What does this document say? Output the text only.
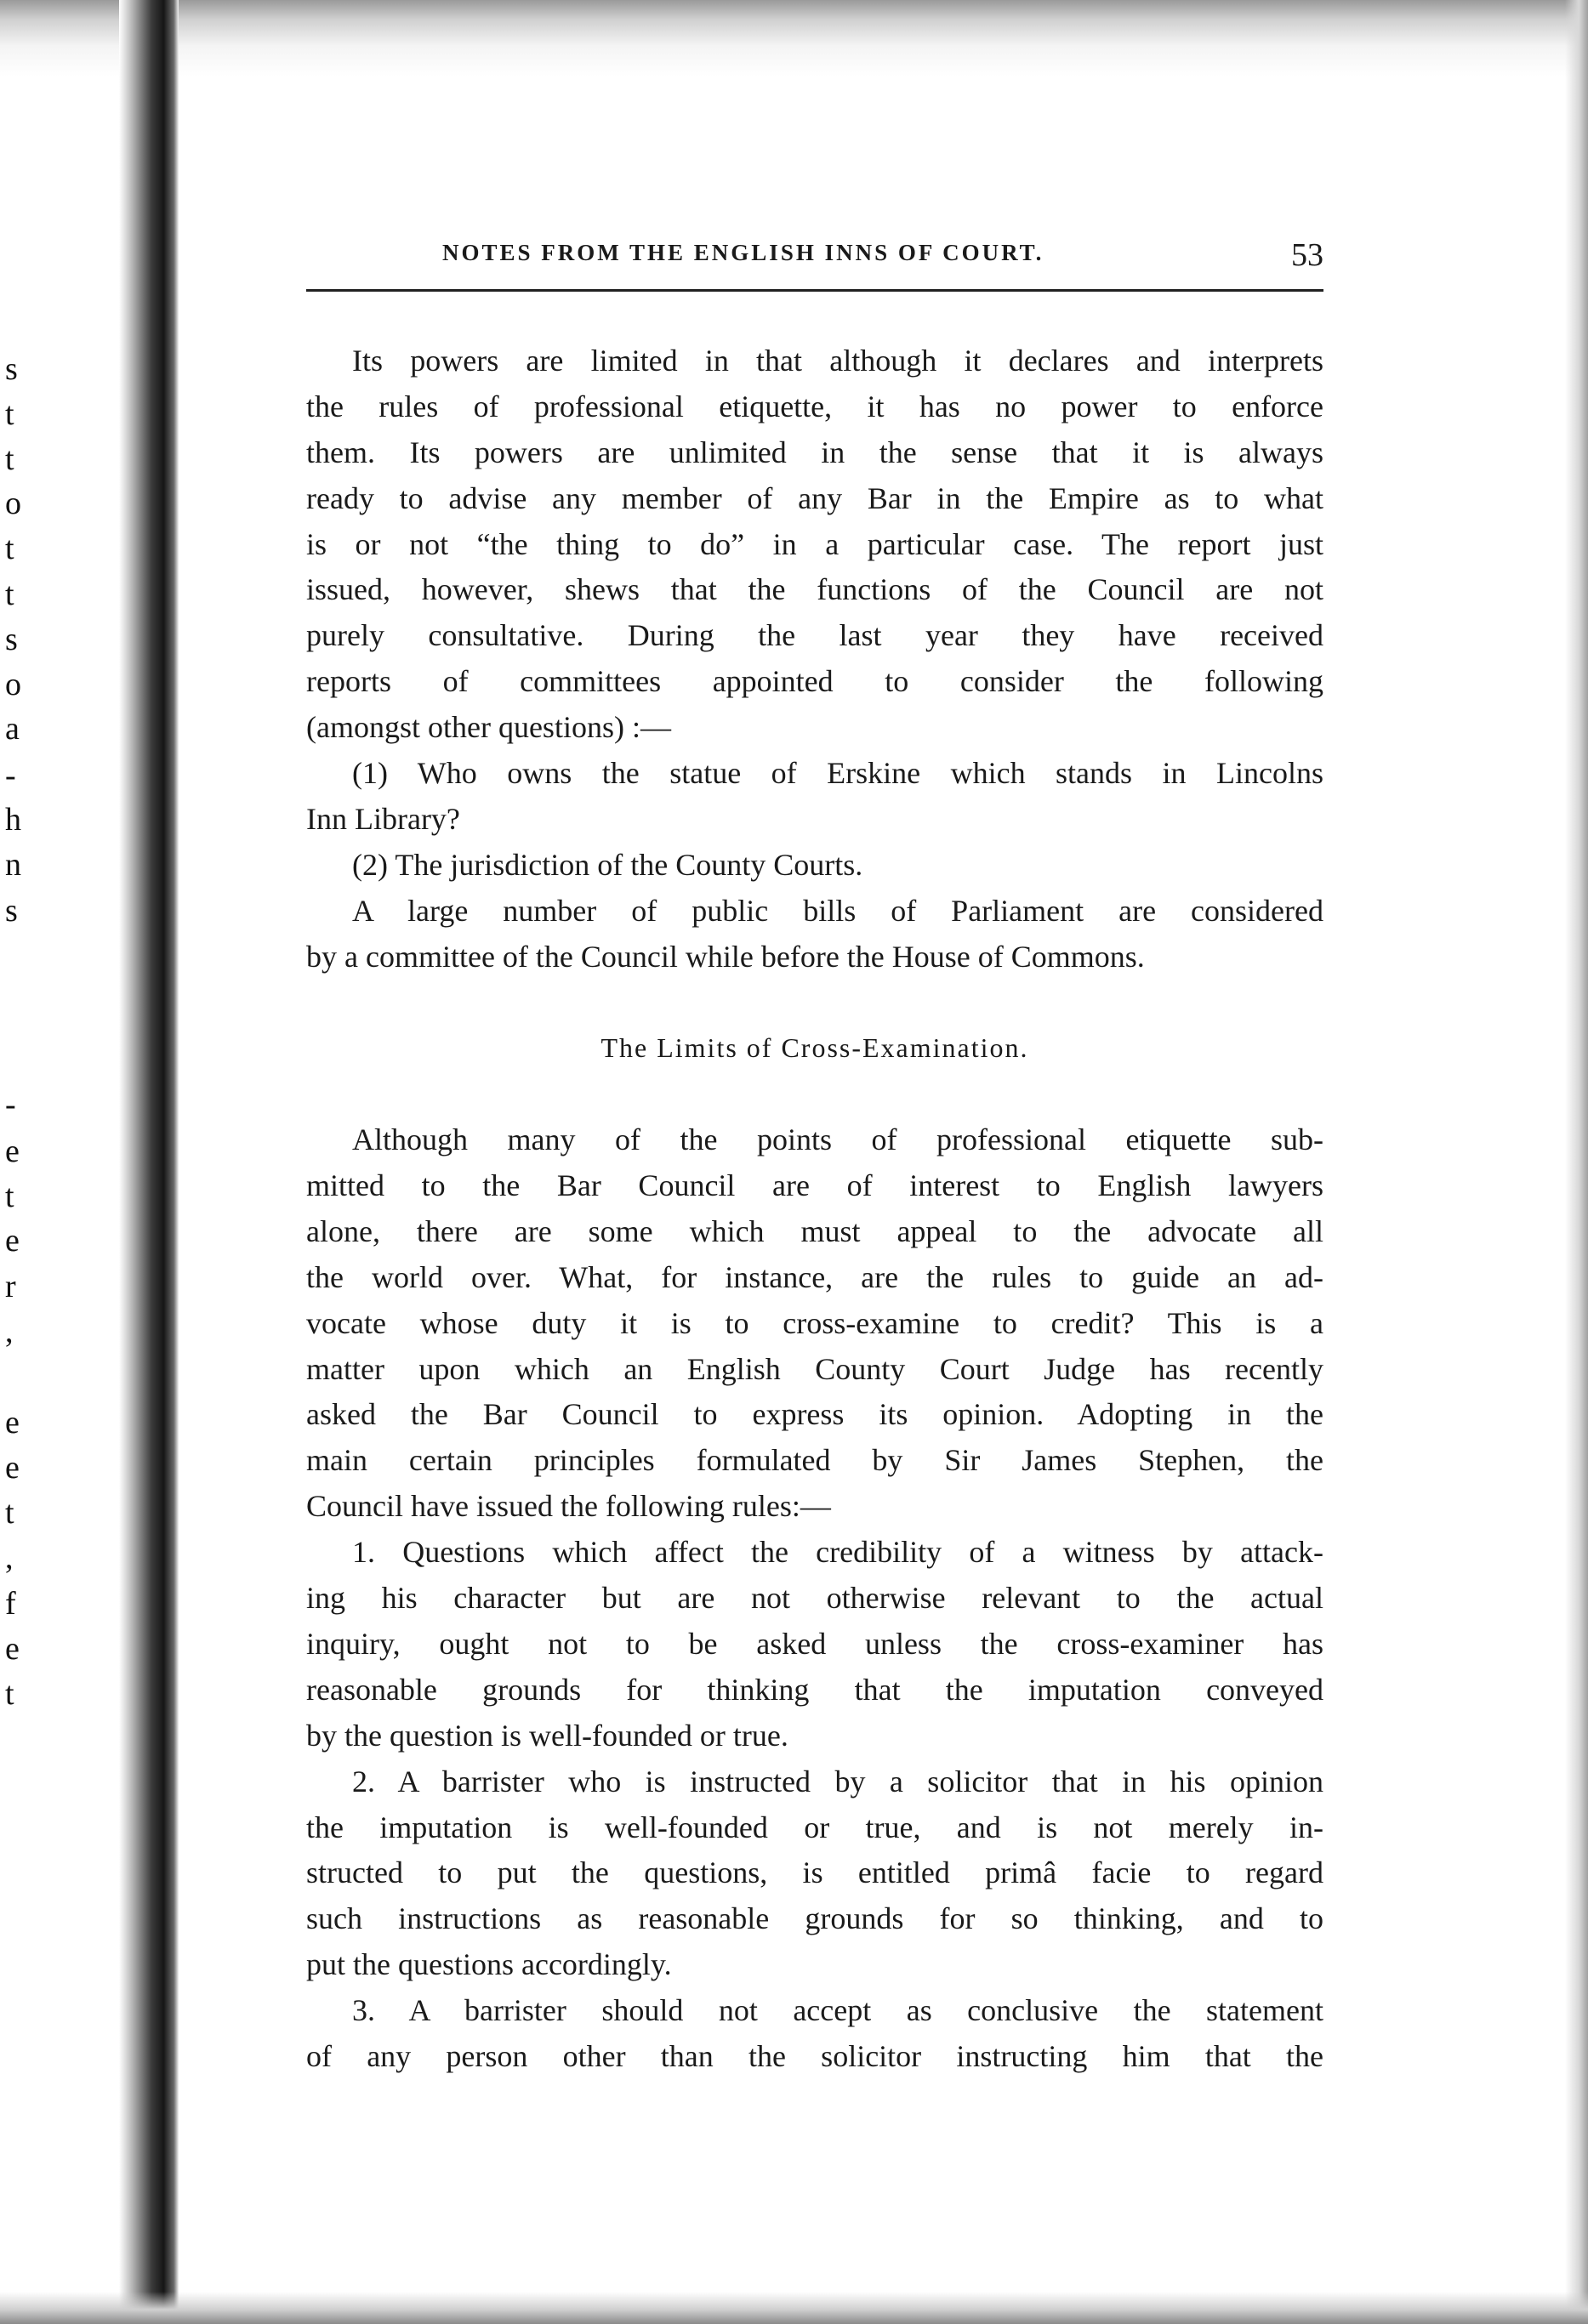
s
t
t
o
t
t
s
o
a
-
h
n
s
-
e
t
e
r
,
e
e
t
,
f
e
t
NOTES FROM THE ENGLISH INNS OF COURT.	53
Its powers are limited in that although it declares and interprets
the rules of professional etiquette, it has no power to enforce
them. Its powers are unlimited in the sense that it is always
ready to advise any member of any Bar in the Empire as to what
is or not “the thing to do” in a particular case. The report just
issued, however, shews that the functions of the Council are not
purely consultative. During the last year they have received
reports of committees appointed to consider the following
(amongst other questions) :—
(1) Who owns the statue of Erskine which stands in Lincolns
Inn Library?
(2) The jurisdiction of the County Courts.
A large number of public bills of Parliament are considered
by a committee of the Council while before the House of Commons.
The Limits of Cross-Examination.
Although many of the points of professional etiquette sub-
mitted to the Bar Council are of interest to English lawyers
alone, there are some which must appeal to the advocate all
the world over. What, for instance, are the rules to guide an ad-
vocate whose duty it is to cross-examine to credit? This is a
matter upon which an English County Court Judge has recently
asked the Bar Council to express its opinion. Adopting in the
main certain principles formulated by Sir James Stephen, the
Council have issued the following rules:—
1. Questions which affect the credibility of a witness by attack-
ing his character but are not otherwise relevant to the actual
inquiry, ought not to be asked unless the cross-examiner has
reasonable grounds for thinking that the imputation conveyed
by the question is well-founded or true.
2. A barrister who is instructed by a solicitor that in his opinion
the imputation is well-founded or true, and is not merely in-
structed to put the questions, is entitled primâ facie to regard
such instructions as reasonable grounds for so thinking, and to
put the questions accordingly.
3. A barrister should not accept as conclusive the statement
of any person other than the solicitor instructing him that the
